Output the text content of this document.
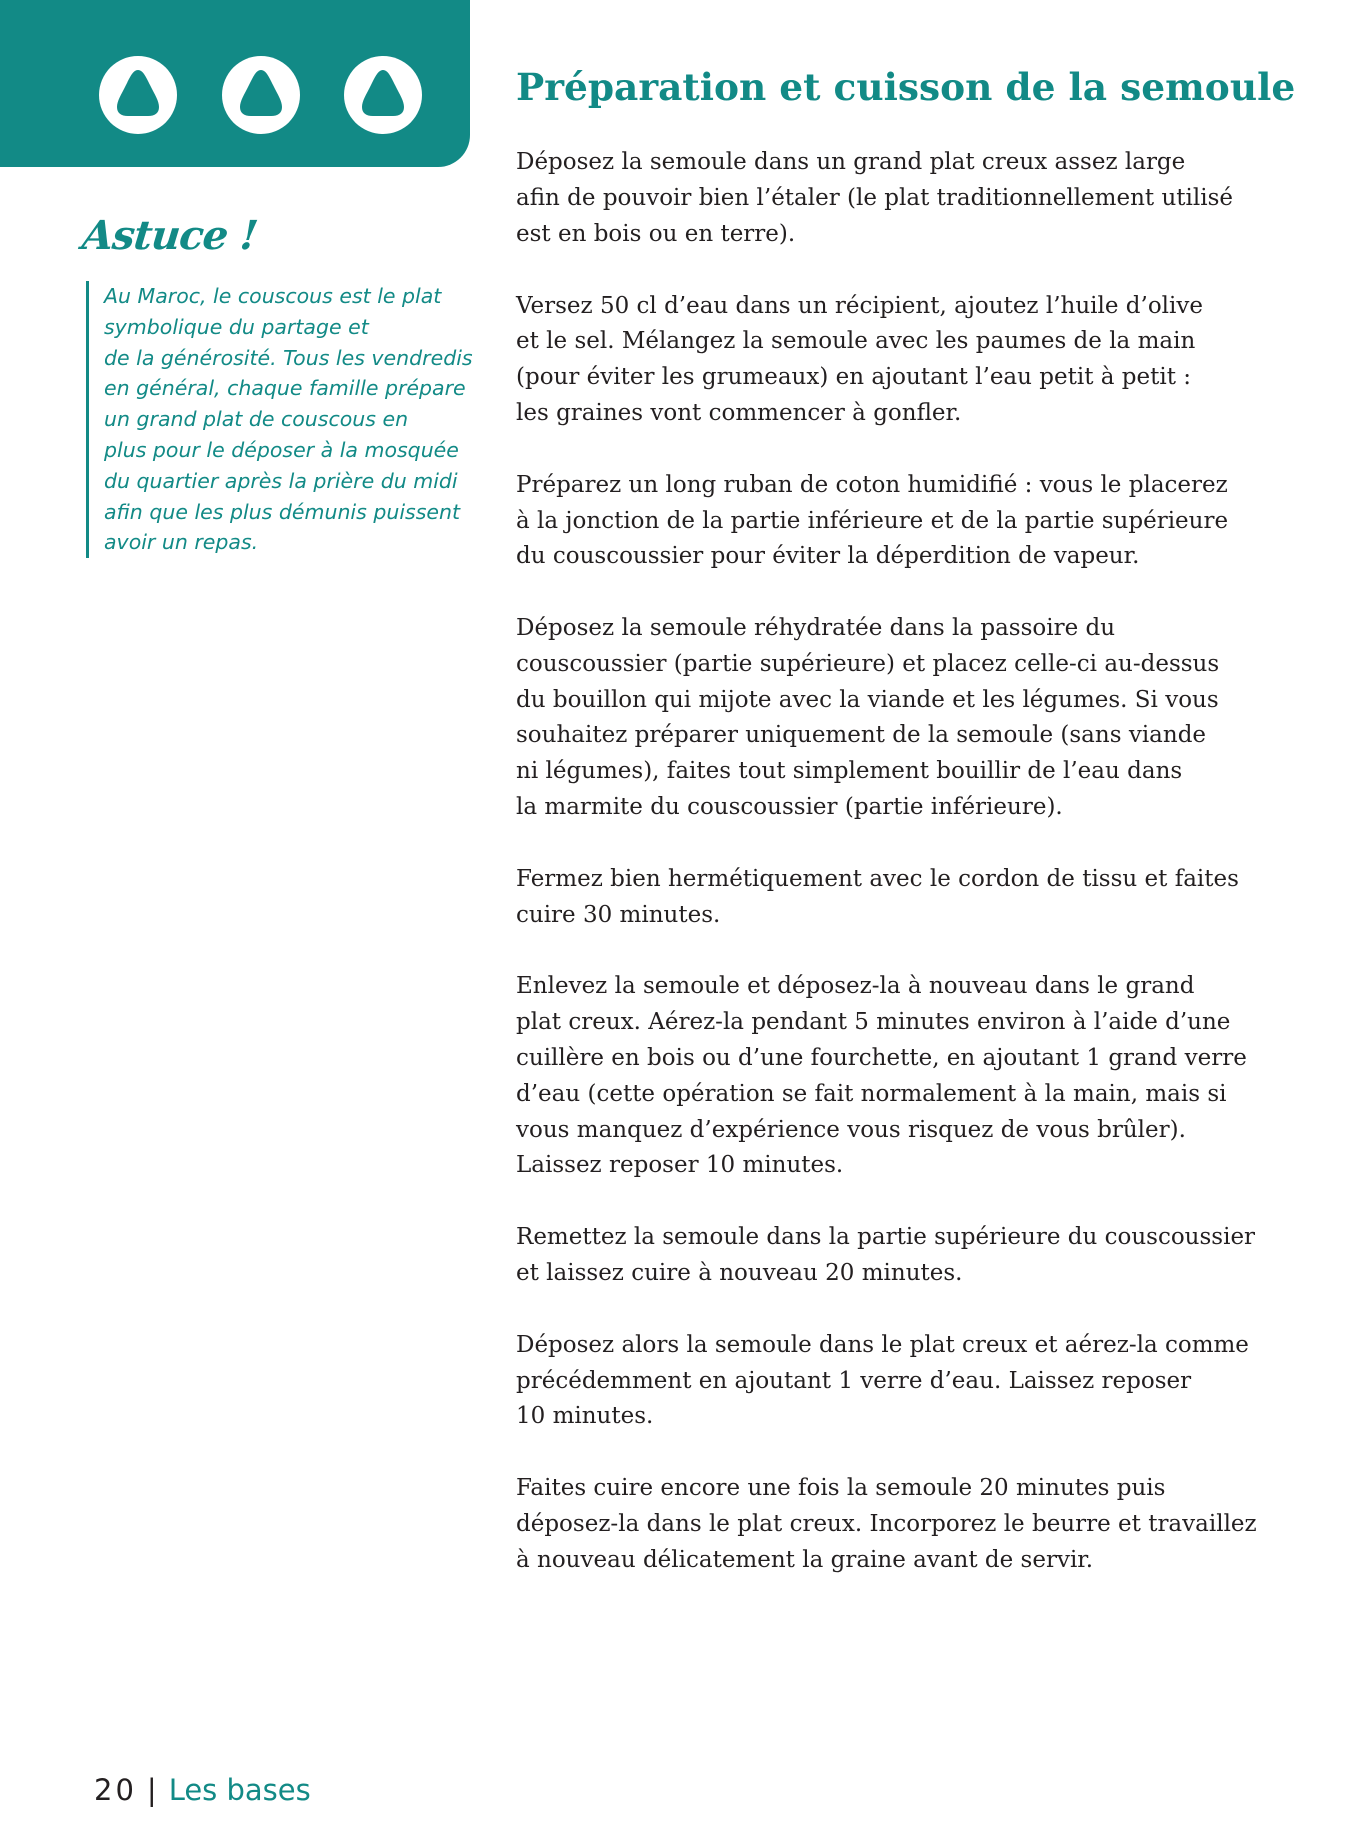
Astuce !
Au Maroc, le couscous est le plat
symbolique du partage et
de la générosité. Tous les vendredis
en général, chaque famille prépare
un grand plat de couscous en
plus pour le déposer à la mosquée
du quartier après la prière du midi
afin que les plus démunis puissent
avoir un repas.
Préparation et cuisson de la semoule
Déposez la semoule dans un grand plat creux assez large
afin de pouvoir bien l’étaler (le plat traditionnellement utilisé
est en bois ou en terre).
Versez 50 cl d’eau dans un récipient, ajoutez l’huile d’olive
et le sel. Mélangez la semoule avec les paumes de la main
(pour éviter les grumeaux) en ajoutant l’eau petit à petit :
les graines vont commencer à gonfler.
Préparez un long ruban de coton humidifié : vous le placerez
à la jonction de la partie inférieure et de la partie supérieure
du couscoussier pour éviter la déperdition de vapeur.
Déposez la semoule réhydratée dans la passoire du
couscoussier (partie supérieure) et placez celle-ci au-dessus
du bouillon qui mijote avec la viande et les légumes. Si vous
souhaitez préparer uniquement de la semoule (sans viande
ni légumes), faites tout simplement bouillir de l’eau dans
la marmite du couscoussier (partie inférieure).
Fermez bien hermétiquement avec le cordon de tissu et faites
cuire 30 minutes.
Enlevez la semoule et déposez-la à nouveau dans le grand
plat creux. Aérez-la pendant 5 minutes environ à l’aide d’une
cuillère en bois ou d’une fourchette, en ajoutant 1 grand verre
d’eau (cette opération se fait normalement à la main, mais si
vous manquez d’expérience vous risquez de vous brûler).
Laissez reposer 10 minutes.
Remettez la semoule dans la partie supérieure du couscoussier
et laissez cuire à nouveau 20 minutes.
Déposez alors la semoule dans le plat creux et aérez-la comme
précédemment en ajoutant 1 verre d’eau. Laissez reposer
10 minutes.
Faites cuire encore une fois la semoule 20 minutes puis
déposez-la dans le plat creux. Incorporez le beurre et travaillez
à nouveau délicatement la graine avant de servir.
20 | Les bases
